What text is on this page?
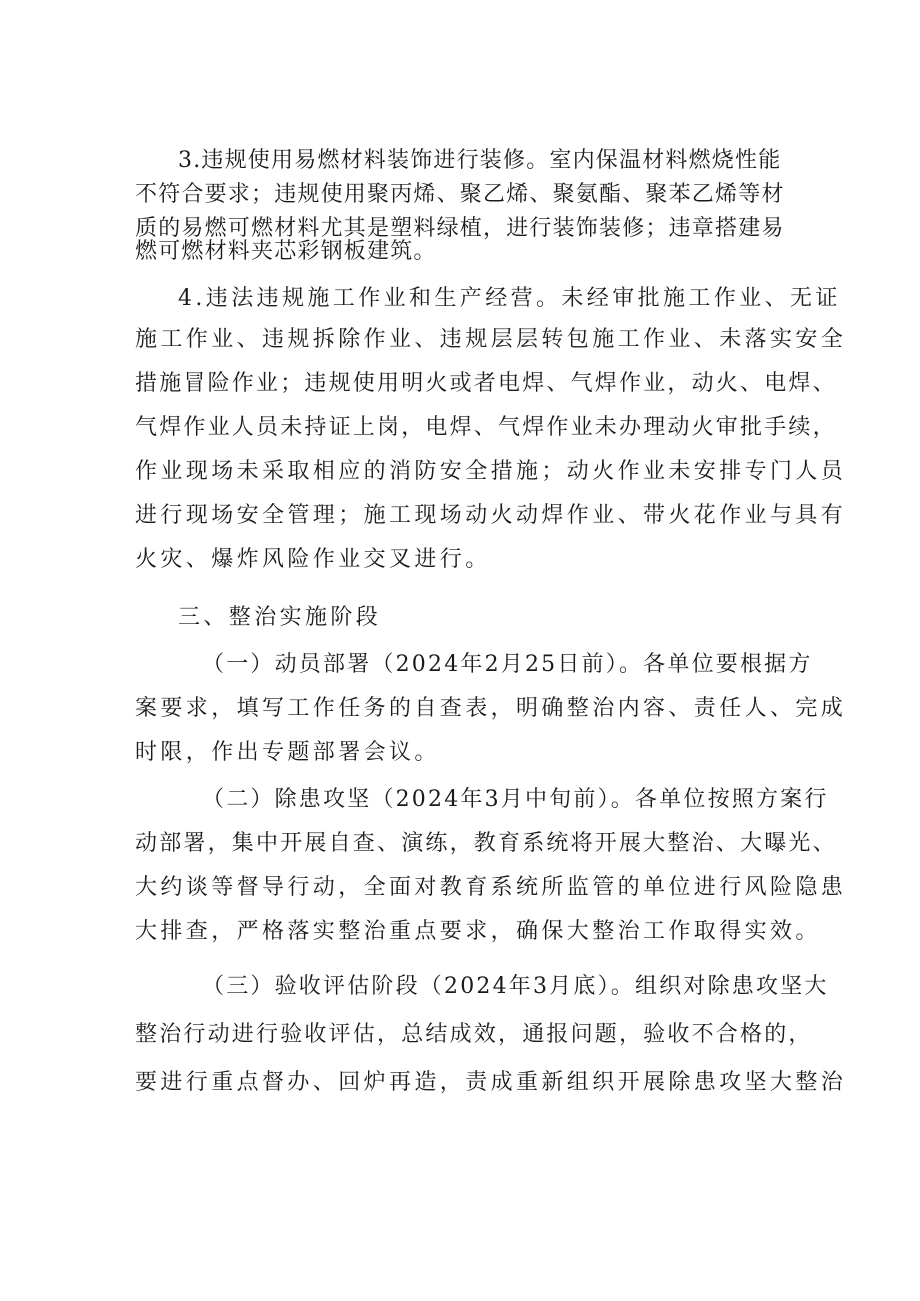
3.违规使用易燃材料装饰进行装修。室内保温材料燃烧性能
不符合要求；违规使用聚丙烯、聚乙烯、聚氨酯、聚苯乙烯等材
质的易燃可燃材料尤其是塑料绿植，进行装饰装修；违章搭建易
燃可燃材料夹芯彩钢板建筑。
4.违法违规施工作业和生产经营。未经审批施工作业、无证
施工作业、违规拆除作业、违规层层转包施工作业、未落实安全
措施冒险作业；违规使用明火或者电焊、气焊作业，动火、电焊、
气焊作业人员未持证上岗，电焊、气焊作业未办理动火审批手续，
作业现场未采取相应的消防安全措施；动火作业未安排专门人员
进行现场安全管理；施工现场动火动焊作业、带火花作业与具有
火灾、爆炸风险作业交叉进行。
三、整治实施阶段
（一）动员部署（2024年2月25日前）。各单位要根据方
案要求，填写工作任务的自查表，明确整治内容、责任人、完成
时限，作出专题部署会议。
（二）除患攻坚（2024年3月中旬前）。各单位按照方案行
动部署，集中开展自查、演练，教育系统将开展大整治、大曝光、
大约谈等督导行动，全面对教育系统所监管的单位进行风险隐患
大排查，严格落实整治重点要求，确保大整治工作取得实效。
（三）验收评估阶段（2024年3月底）。组织对除患攻坚大
整治行动进行验收评估，总结成效，通报问题，验收不合格的，
要进行重点督办、回炉再造，责成重新组织开展除患攻坚大整治
